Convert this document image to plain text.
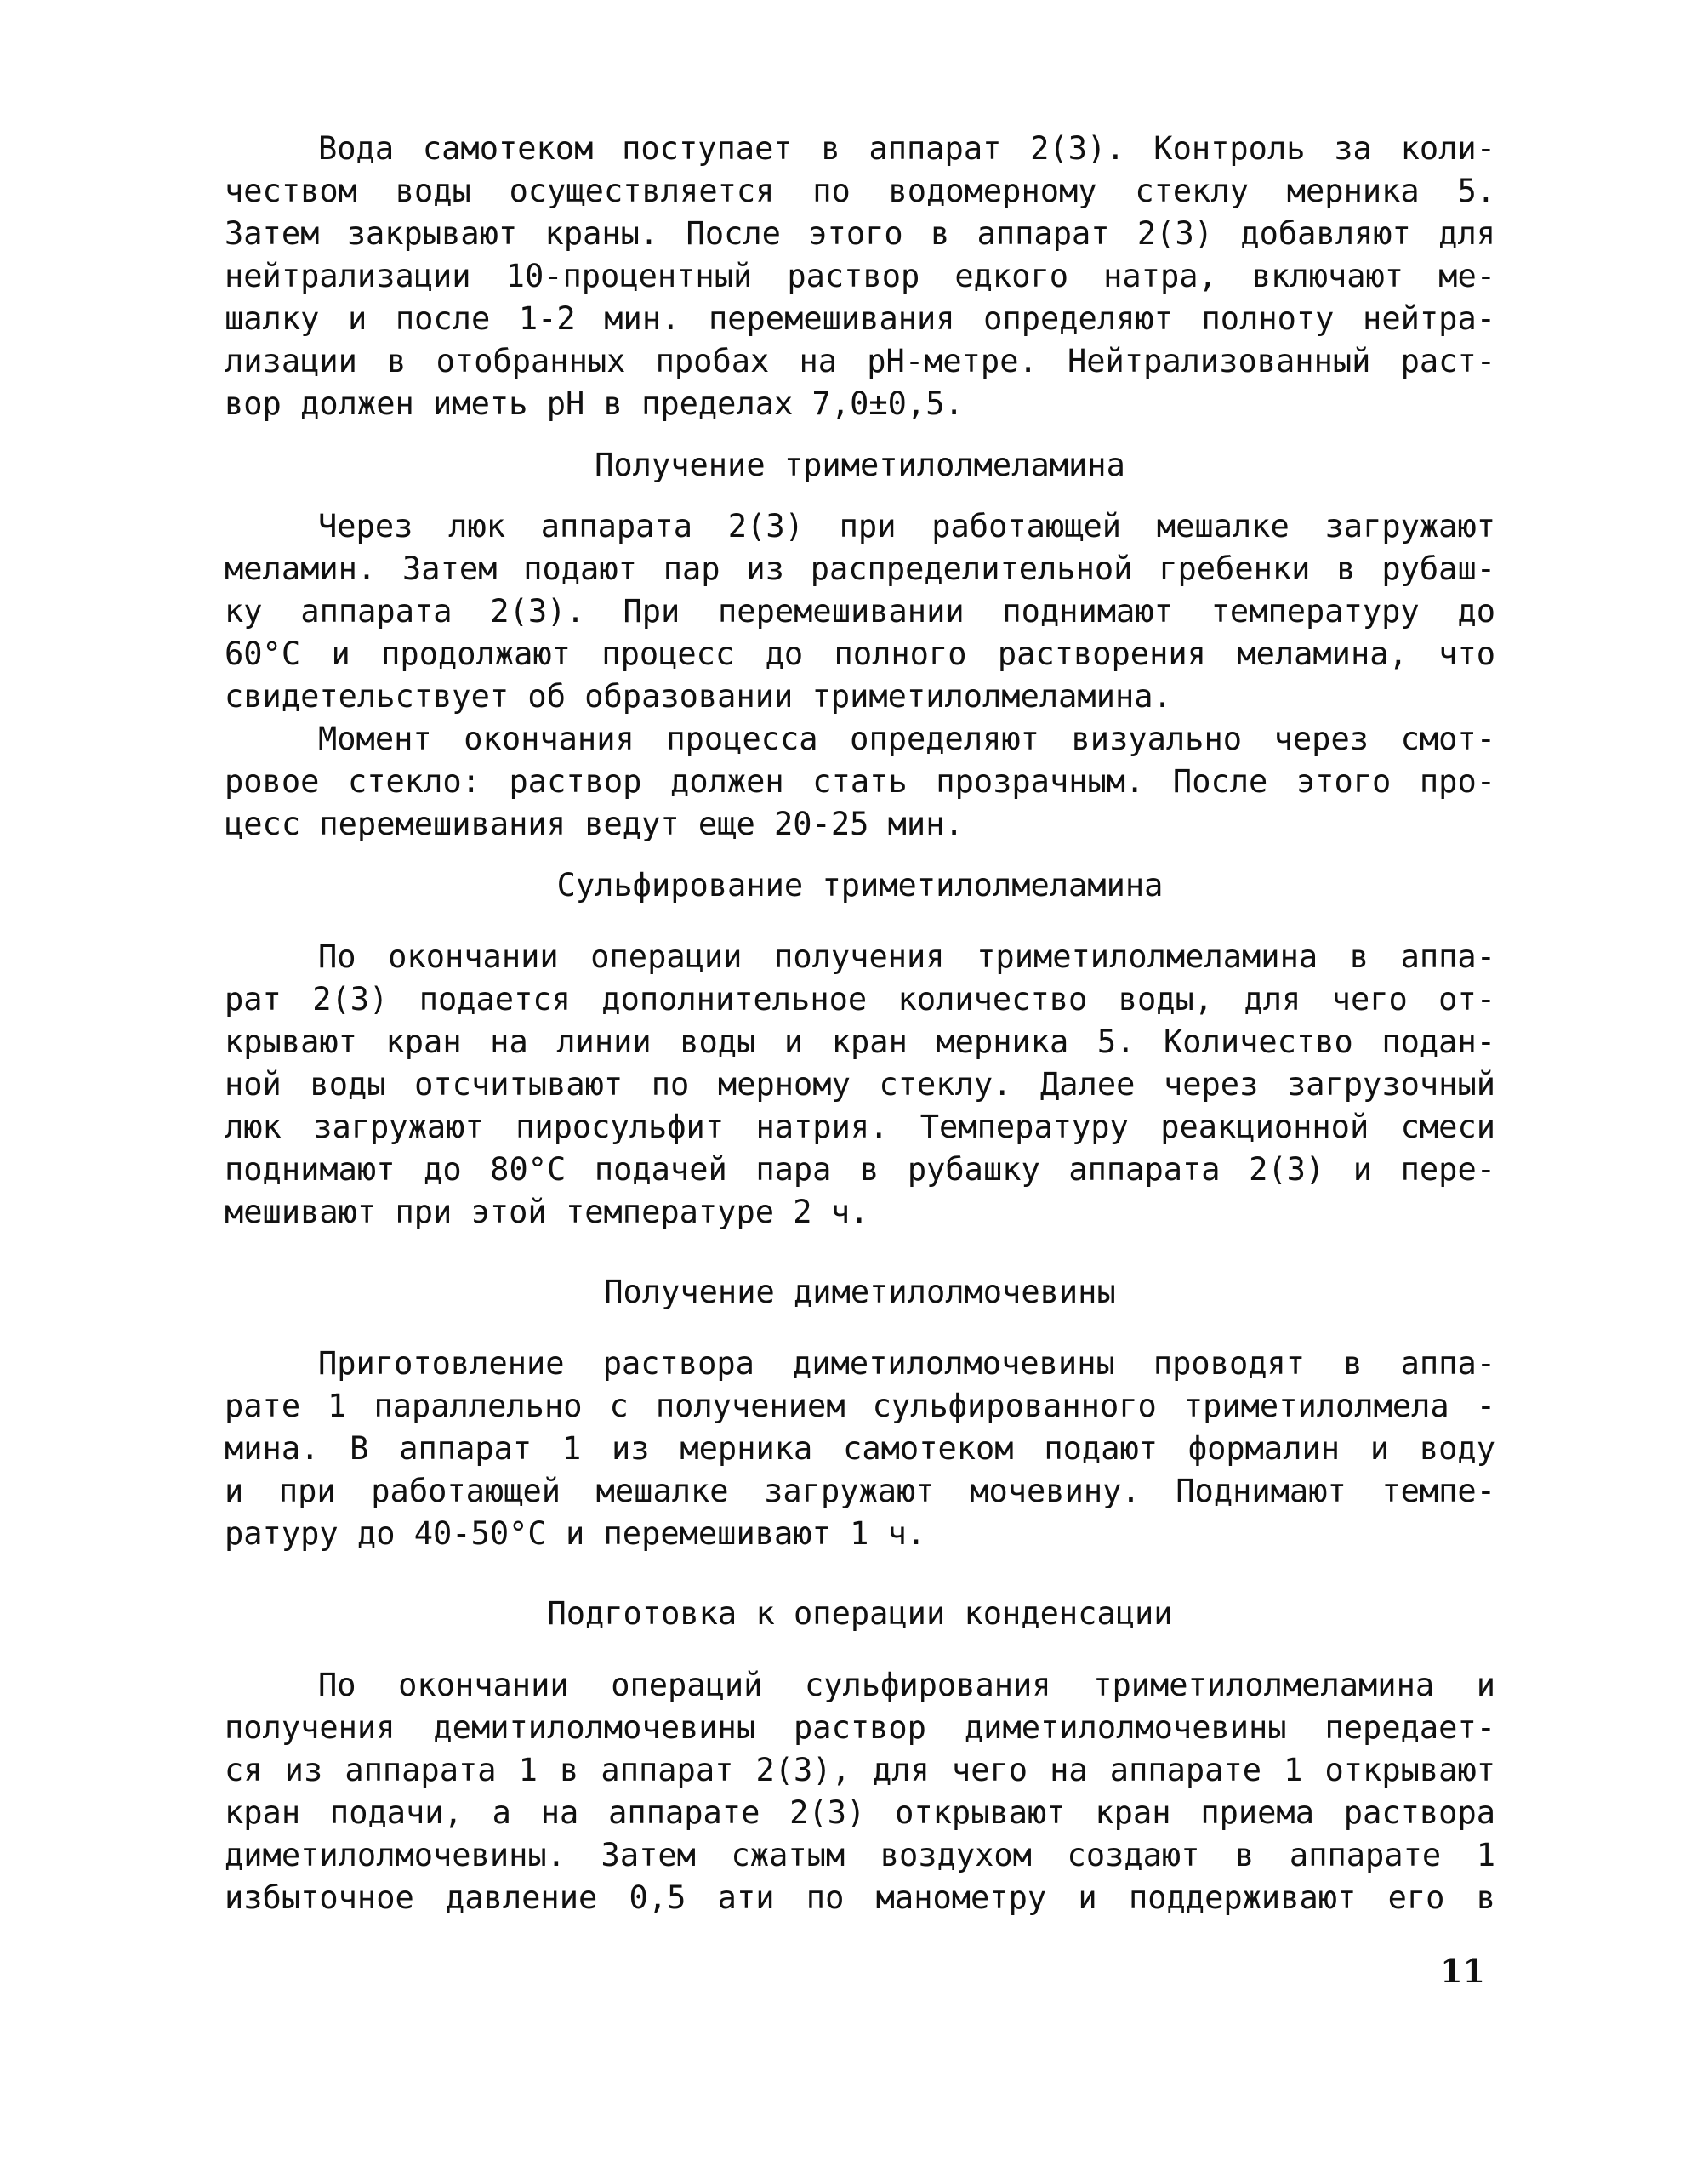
Вода самотеком поступает в аппарат 2(3). Контроль за коли-
чеством воды осуществляется по водомерному стеклу мерника 5.
Затем закрывают краны. После этого в аппарат 2(3) добавляют для
нейтрализации 10-процентный раствор едкого натра, включают ме-
шалку и после 1-2 мин. перемешивания определяют полноту нейтра-
лизации в отобранных пробах на pH-метре. Нейтрализованный раст-
вор должен иметь pH в пределах 7,0±0,5.

Получение триметилолмеламина

Через люк аппарата 2(3) при работающей мешалке загружают
меламин. Затем подают пар из распределительной гребенки в рубаш-
ку аппарата 2(3). При перемешивании поднимают температуру до
60°С и продолжают процесс до полного растворения меламина, что
свидетельствует об образовании триметилолмеламина.

Момент окончания процесса определяют визуально через смот-
ровое стекло: раствор должен стать прозрачным. После этого про-
цесс перемешивания ведут еще 20-25 мин.

Сульфирование триметилолмеламина

По окончании операции получения триметилолмеламина в аппа-
рат 2(3) подается дополнительное количество воды, для чего от-
крывают кран на линии воды и кран мерника 5. Количество подан-
ной воды отсчитывают по мерному стеклу. Далее через загрузочный
люк загружают пиросульфит натрия. Температуру реакционной смеси
поднимают до 80°С подачей пара в рубашку аппарата 2(3) и пере-
мешивают при этой температуре 2 ч.

Получение диметилолмочевины

Приготовление раствора диметилолмочевины проводят в аппа-
рате 1 параллельно с получением сульфированного триметилолмела -
мина. В аппарат 1 из мерника самотеком подают формалин и воду
и при работающей мешалке загружают мочевину. Поднимают темпе-
ратуру до 40-50°С и перемешивают 1 ч.

Подготовка к операции конденсации

По окончании операций сульфирования триметилолмеламина и
получения демитилолмочевины раствор диметилолмочевины передает-
ся из аппарата 1 в аппарат 2(3), для чего на аппарате 1 открывают
кран подачи, а на аппарате 2(3) открывают кран приема раствора
диметилолмочевины. Затем сжатым воздухом создают в аппарате 1
избыточное давление 0,5 ати по манометру и поддерживают его в

11
